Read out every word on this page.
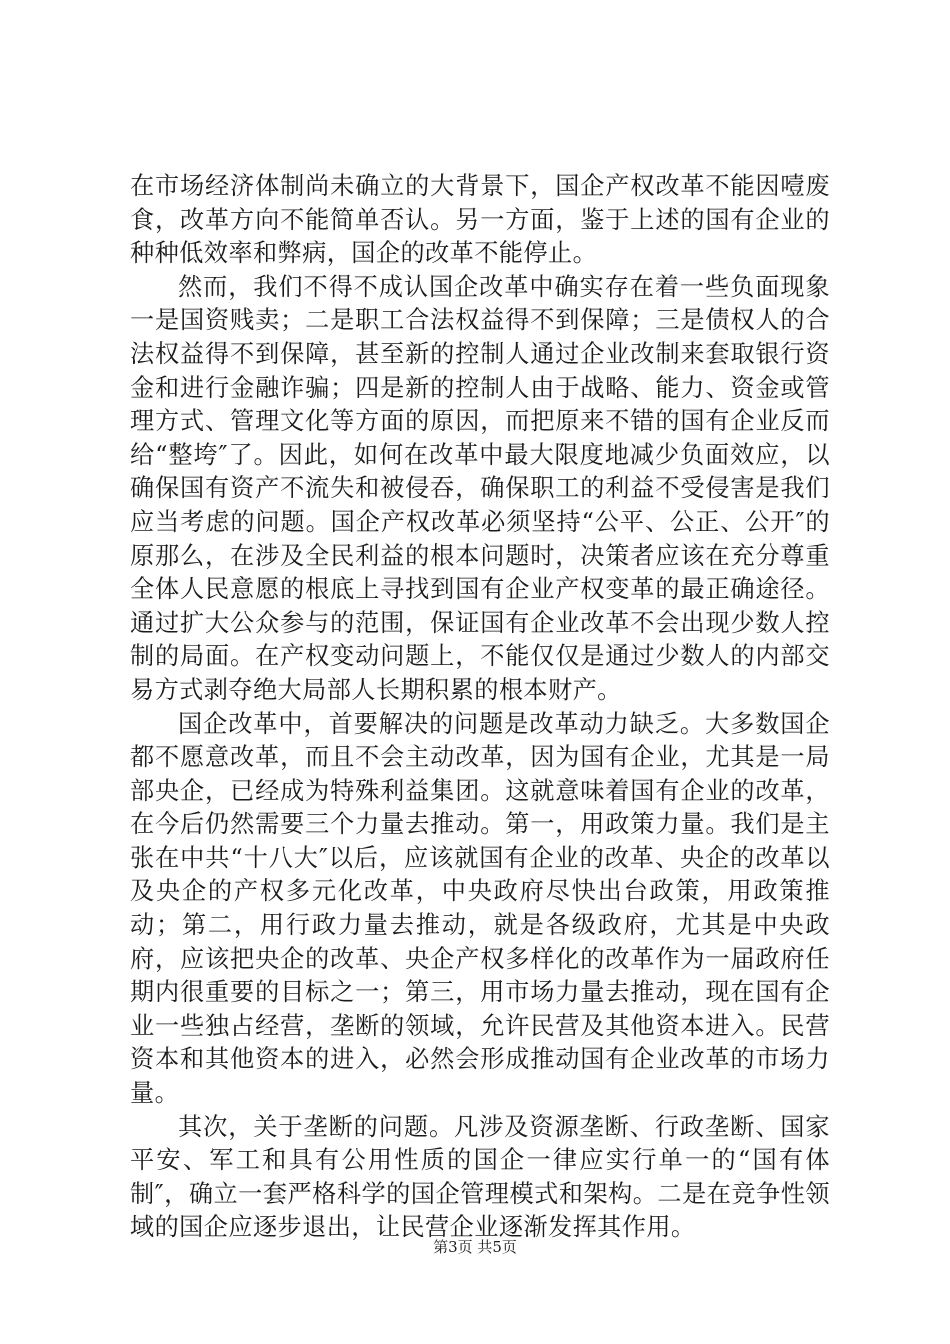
在市场经济体制尚未确立的大背景下，国企产权改革不能因噎废食，改革方向不能简单否认。另一方面，鉴于上述的国有企业的种种低效率和弊病，国企的改革不能停止。

然而，我们不得不成认国企改革中确实存在着一些负面现象一是国资贱卖；二是职工合法权益得不到保障；三是债权人的合法权益得不到保障，甚至新的控制人通过企业改制来套取银行资金和进行金融诈骗；四是新的控制人由于战略、能力、资金或管理方式、管理文化等方面的原因，而把原来不错的国有企业反而给“整垮″了。因此，如何在改革中最大限度地减少负面效应，以确保国有资产不流失和被侵吞，确保职工的利益不受侵害是我们应当考虑的问题。国企产权改革必须坚持“公平、公正、公开″的原那么，在涉及全民利益的根本问题时，决策者应该在充分尊重全体人民意愿的根底上寻找到国有企业产权变革的最正确途径。通过扩大公众参与的范围，保证国有企业改革不会出现少数人控制的局面。在产权变动问题上，不能仅仅是通过少数人的内部交易方式剥夺绝大局部人长期积累的根本财产。

国企改革中，首要解决的问题是改革动力缺乏。大多数国企都不愿意改革，而且不会主动改革，因为国有企业，尤其是一局部央企，已经成为特殊利益集团。这就意味着国有企业的改革，在今后仍然需要三个力量去推动。第一，用政策力量。我们是主张在中共“十八大″以后，应该就国有企业的改革、央企的改革以及央企的产权多元化改革，中央政府尽快出台政策，用政策推动；第二，用行政力量去推动，就是各级政府，尤其是中央政府，应该把央企的改革、央企产权多样化的改革作为一届政府任期内很重要的目标之一；第三，用市场力量去推动，现在国有企业一些独占经营，垄断的领域，允许民营及其他资本进入。民营资本和其他资本的进入，必然会形成推动国有企业改革的市场力量。

其次，关于垄断的问题。凡涉及资源垄断、行政垄断、国家平安、军工和具有公用性质的国企一律应实行单一的“国有体制″，确立一套严格科学的国企管理模式和架构。二是在竞争性领域的国企应逐步退出，让民营企业逐渐发挥其作用。

第3页 共5页
